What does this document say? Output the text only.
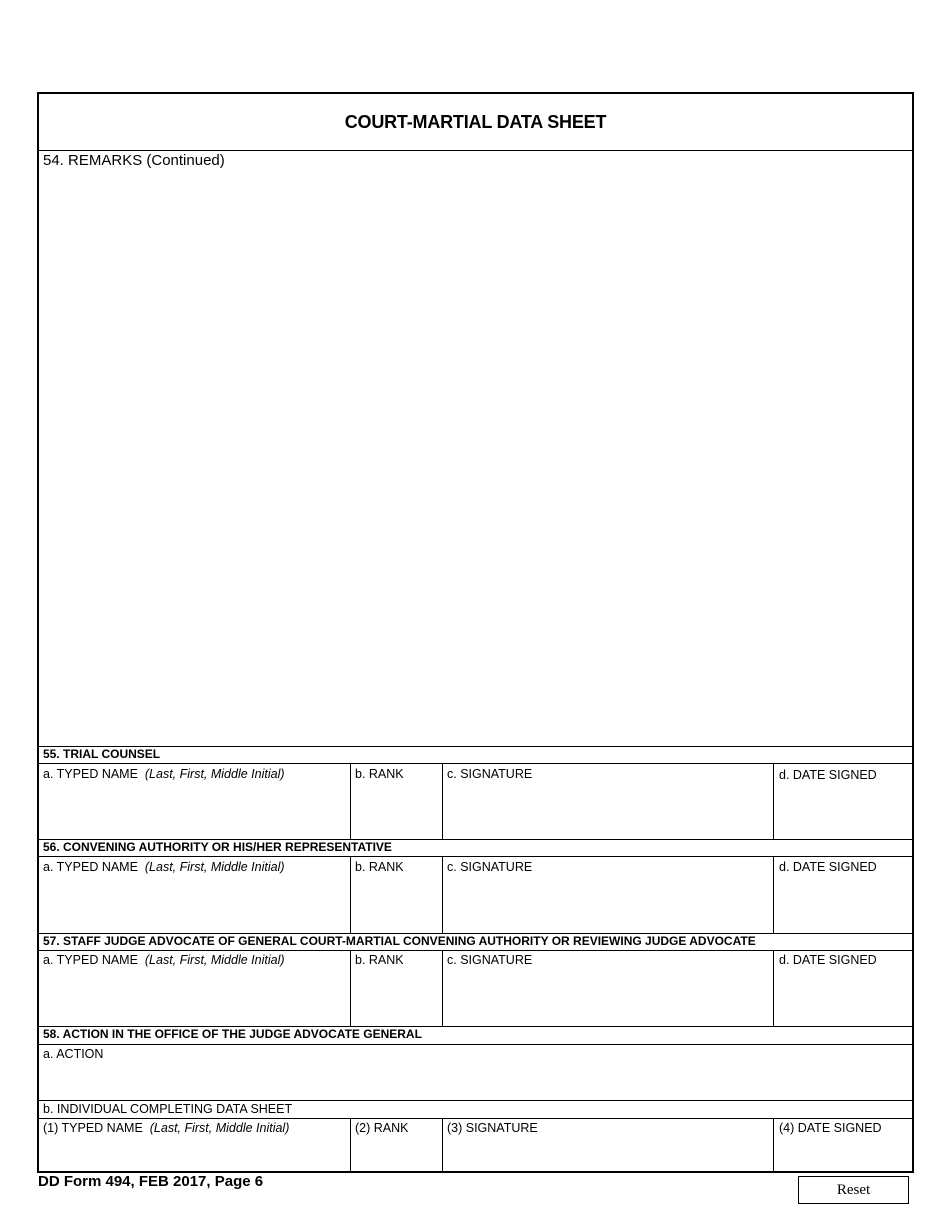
COURT-MARTIAL DATA SHEET
54. REMARKS (Continued)
55. TRIAL COUNSEL
a. TYPED NAME (Last, First, Middle Initial)	b. RANK	c. SIGNATURE	d. DATE SIGNED
56. CONVENING AUTHORITY OR HIS/HER REPRESENTATIVE
a. TYPED NAME (Last, First, Middle Initial)	b. RANK	c. SIGNATURE	d. DATE SIGNED
57. STAFF JUDGE ADVOCATE OF GENERAL COURT-MARTIAL CONVENING AUTHORITY OR REVIEWING JUDGE ADVOCATE
a. TYPED NAME (Last, First, Middle Initial)	b. RANK	c. SIGNATURE	d. DATE SIGNED
58. ACTION IN THE OFFICE OF THE JUDGE ADVOCATE GENERAL
a. ACTION
b. INDIVIDUAL COMPLETING DATA SHEET
(1) TYPED NAME (Last, First, Middle Initial)	(2) RANK	(3) SIGNATURE	(4) DATE SIGNED
DD Form 494, FEB 2017, Page 6	Reset
